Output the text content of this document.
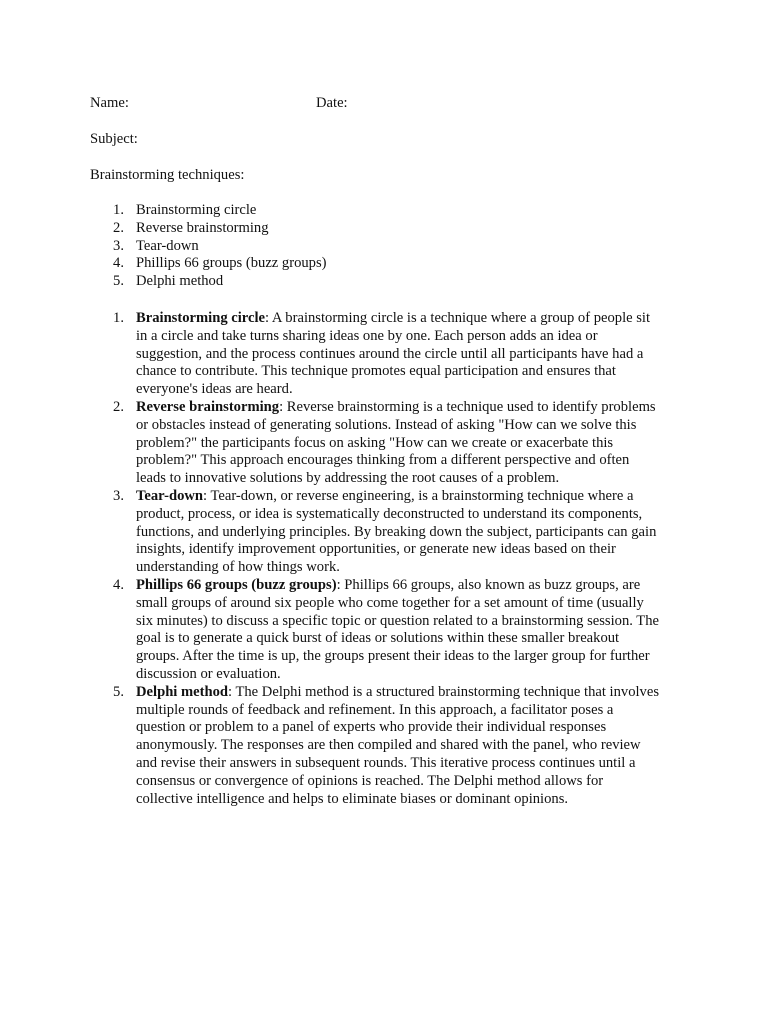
Name:	Date:
Subject:
Brainstorming techniques:
1. Brainstorming circle
2. Reverse brainstorming
3. Tear-down
4. Phillips 66 groups (buzz groups)
5. Delphi method
1. Brainstorming circle: A brainstorming circle is a technique where a group of people sit
in a circle and take turns sharing ideas one by one. Each person adds an idea or
suggestion, and the process continues around the circle until all participants have had a
chance to contribute. This technique promotes equal participation and ensures that
everyone's ideas are heard.
2. Reverse brainstorming: Reverse brainstorming is a technique used to identify problems
or obstacles instead of generating solutions. Instead of asking "How can we solve this
problem?" the participants focus on asking "How can we create or exacerbate this
problem?" This approach encourages thinking from a different perspective and often
leads to innovative solutions by addressing the root causes of a problem.
3. Tear-down: Tear-down, or reverse engineering, is a brainstorming technique where a
product, process, or idea is systematically deconstructed to understand its components,
functions, and underlying principles. By breaking down the subject, participants can gain
insights, identify improvement opportunities, or generate new ideas based on their
understanding of how things work.
4. Phillips 66 groups (buzz groups): Phillips 66 groups, also known as buzz groups, are
small groups of around six people who come together for a set amount of time (usually
six minutes) to discuss a specific topic or question related to a brainstorming session. The
goal is to generate a quick burst of ideas or solutions within these smaller breakout
groups. After the time is up, the groups present their ideas to the larger group for further
discussion or evaluation.
5. Delphi method: The Delphi method is a structured brainstorming technique that involves
multiple rounds of feedback and refinement. In this approach, a facilitator poses a
question or problem to a panel of experts who provide their individual responses
anonymously. The responses are then compiled and shared with the panel, who review
and revise their answers in subsequent rounds. This iterative process continues until a
consensus or convergence of opinions is reached. The Delphi method allows for
collective intelligence and helps to eliminate biases or dominant opinions.
